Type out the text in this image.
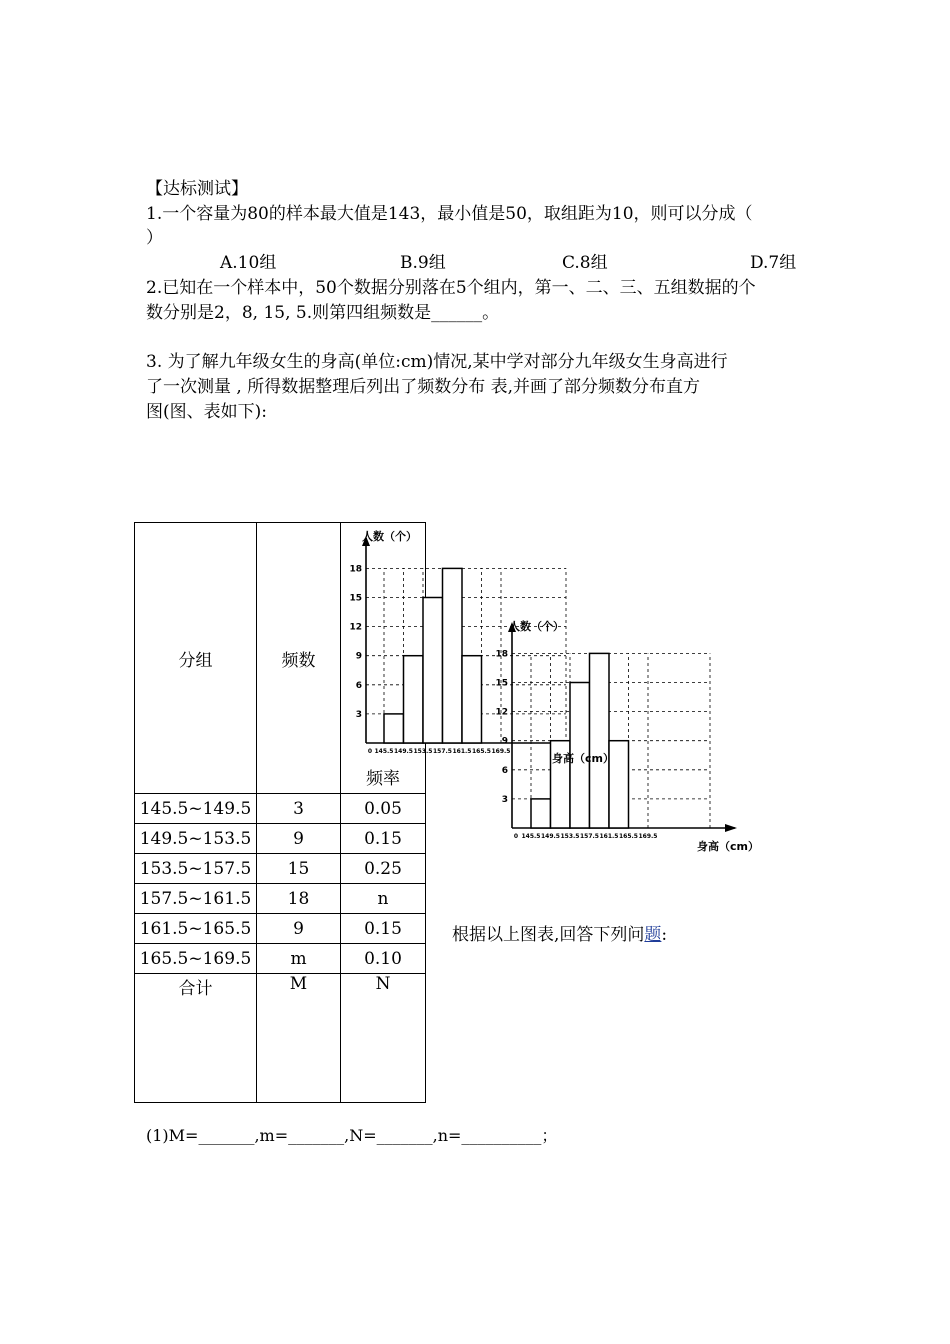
【达标测试】
1.一个容量为80的样本最大值是143，最小值是50，取组距为10，则可以分成（
）
A.10组	B.9组	C.8组	D.7组
2.已知在一个样本中，50个数据分别落在5个组内，第一、二、三、五组数据的个
数分别是2，8, 15, 5.则第四组频数是______。
3. 为了解九年级女生的身高(单位:cm)情况,某中学对部分九年级女生身高进行
了一次测量 , 所得数据整理后列出了频数分布 表,并画了部分频数分布直方
图(图、表如下):
分组	频数	频率

145.5~149.5	3	0.05
149.5~153.5	9	0.15
153.5~157.5	15	0.25
157.5~161.5	18	n
161.5~165.5	9	0.15
165.5~169.5	m	0.10
合计	M	N
人数（个）
3
6
9
12
15
18
0 145.5 149.5 153.5 157.5 161.5 165.5 169.5
人数（个）
3
6
9
12
15
18
0 145.5 149.5 153.5 157.5 161.5 165.5 169.5
身高（cm）
身高（cm）
根据以上图表,回答下列问题:
(1)M=_______,m=_______,N=_______,n=__________；
